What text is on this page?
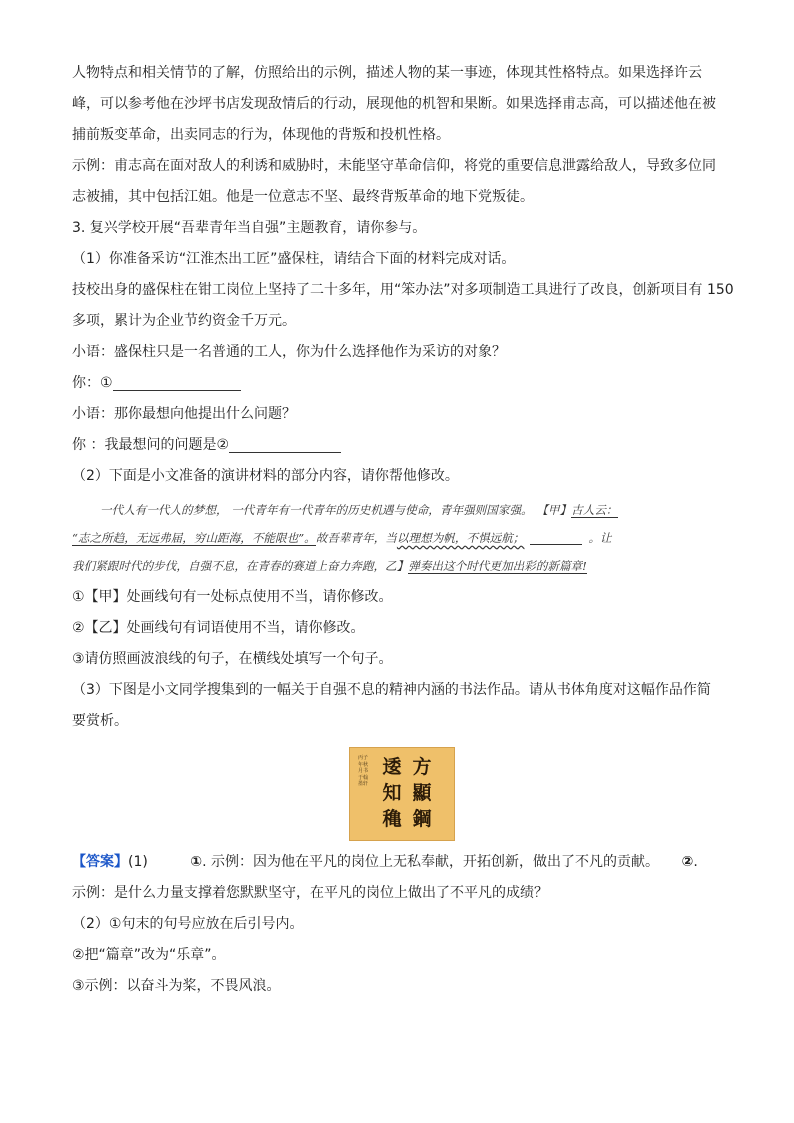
人物特点和相关情节的了解，仿照给出的示例，描述人物的某一事迹，体现其性格特点。如果选择许云

峰，可以参考他在沙坪书店发现敌情后的行动，展现他的机智和果断。如果选择甫志高，可以描述他在被

捕前叛变革命，出卖同志的行为，体现他的背叛和投机性格。

示例：甫志高在面对敌人的利诱和威胁时，未能坚守革命信仰，将党的重要信息泄露给敌人，导致多位同

志被捕，其中包括江姐。他是一位意志不坚、最终背叛革命的地下党叛徒。

3. 复兴学校开展“吾辈青年当自强”主题教育，请你参与。

（1）你准备采访“江淮杰出工匠”盛保柱，请结合下面的材料完成对话。

技校出身的盛保柱在钳工岗位上坚持了二十多年，用“笨办法”对多项制造工具进行了改良，创新项目有 150

多项，累计为企业节约资金千万元。

小语：盛保柱只是一名普通的工人，你为什么选择他作为采访的对象？

你：①

小语：那你最想向他提出什么问题？

你 ：我最想问的问题是②

（2）下面是小文准备的演讲材料的部分内容，请你帮他修改。

一代人有一代人的梦想， 一代青年有一代青年的历史机遇与使命，青年强则国家强。 【甲】古人云：
“志之所趋，无远弗届，穷山距海，不能限也”。故吾辈青年，当以理想为帆，不惧远航；	。让
我们紧跟时代的步伐，自强不息，在青春的赛道上奋力奔跑，乙】弹奏出这个时代更加出彩的新篇章!

①【甲】处画线句有一处标点使用不当，请你修改。

②【乙】处画线句有词语使用不当，请你修改。

③请仿照画波浪线的句子，在横线处填写一个句子。

（3）下图是小文同学搜集到的一幅关于自强不息的精神内涵的书法作品。请从书体角度对这幅作品作简

要赏析。

方
顯
鋼
逶
知
穐
丙子年秋月书于翰墨轩

【答案】(1)	①. 示例：因为他在平凡的岗位上无私奉献，开拓创新，做出了不凡的贡献。 ②.

示例：是什么力量支撑着您默默坚守，在平凡的岗位上做出了不平凡的成绩？

（2）①句末的句号应放在后引号内。

②把“篇章”改为“乐章”。

③示例：以奋斗为桨，不畏风浪。
